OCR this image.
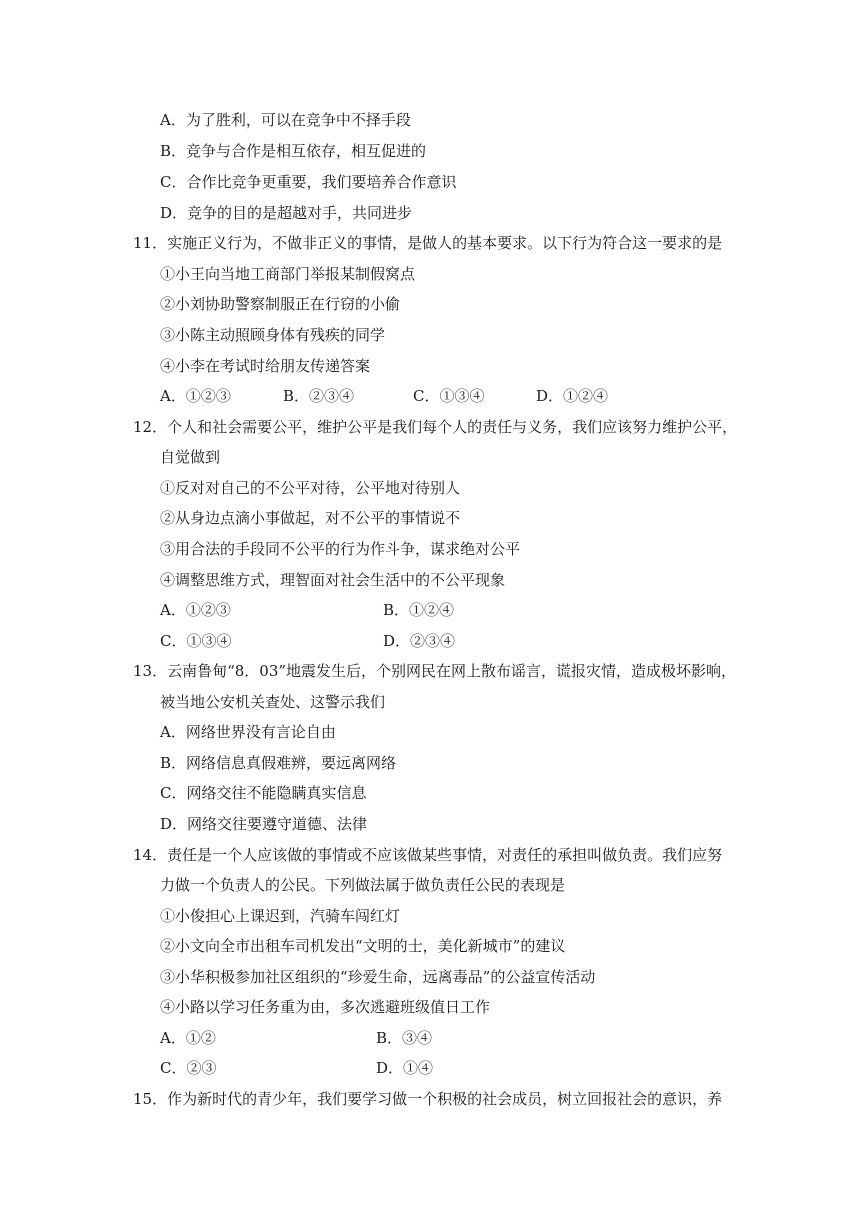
A．为了胜利，可以在竞争中不择手段
B．竞争与合作是相互依存，相互促进的
C．合作比竞争更重要，我们要培养合作意识
D．竞争的目的是超越对手，共同进步
11．实施正义行为，不做非正义的事情，是做人的基本要求。以下行为符合这一要求的是
①小王向当地工商部门举报某制假窝点
②小刘协助警察制服正在行窃的小偷
③小陈主动照顾身体有残疾的同学
④小李在考试时给朋友传递答案
A．①②③	B．②③④	C．①③④	D．①②④
12．个人和社会需要公平，维护公平是我们每个人的责任与义务，我们应该努力维护公平，
自觉做到
①反对对自己的不公平对待，公平地对待别人
②从身边点滴小事做起，对不公平的事情说不
③用合法的手段同不公平的行为作斗争，谋求绝对公平
④调整思维方式，理智面对社会生活中的不公平现象
A．①②③	B．①②④
C．①③④	D．②③④
13．云南鲁甸“8．03”地震发生后，个别网民在网上散布谣言，谎报灾情，造成极坏影响，
被当地公安机关查处、这警示我们
A．网络世界没有言论自由
B．网络信息真假难辨，要远离网络
C．网络交往不能隐瞒真实信息
D．网络交往要遵守道德、法律
14．责任是一个人应该做的事情或不应该做某些事情，对责任的承担叫做负责。我们应努
力做一个负责人的公民。下列做法属于做负责任公民的表现是
①小俊担心上课迟到，汽骑车闯红灯
②小文向全市出租车司机发出“文明的士，美化新城市”的建议
③小华积极参加社区组织的“珍爱生命，远离毒品”的公益宣传活动
④小路以学习任务重为由，多次逃避班级值日工作
A．①②	B．③④
C．②③	D．①④
15．作为新时代的青少年，我们要学习做一个积极的社会成员，树立回报社会的意识，养
